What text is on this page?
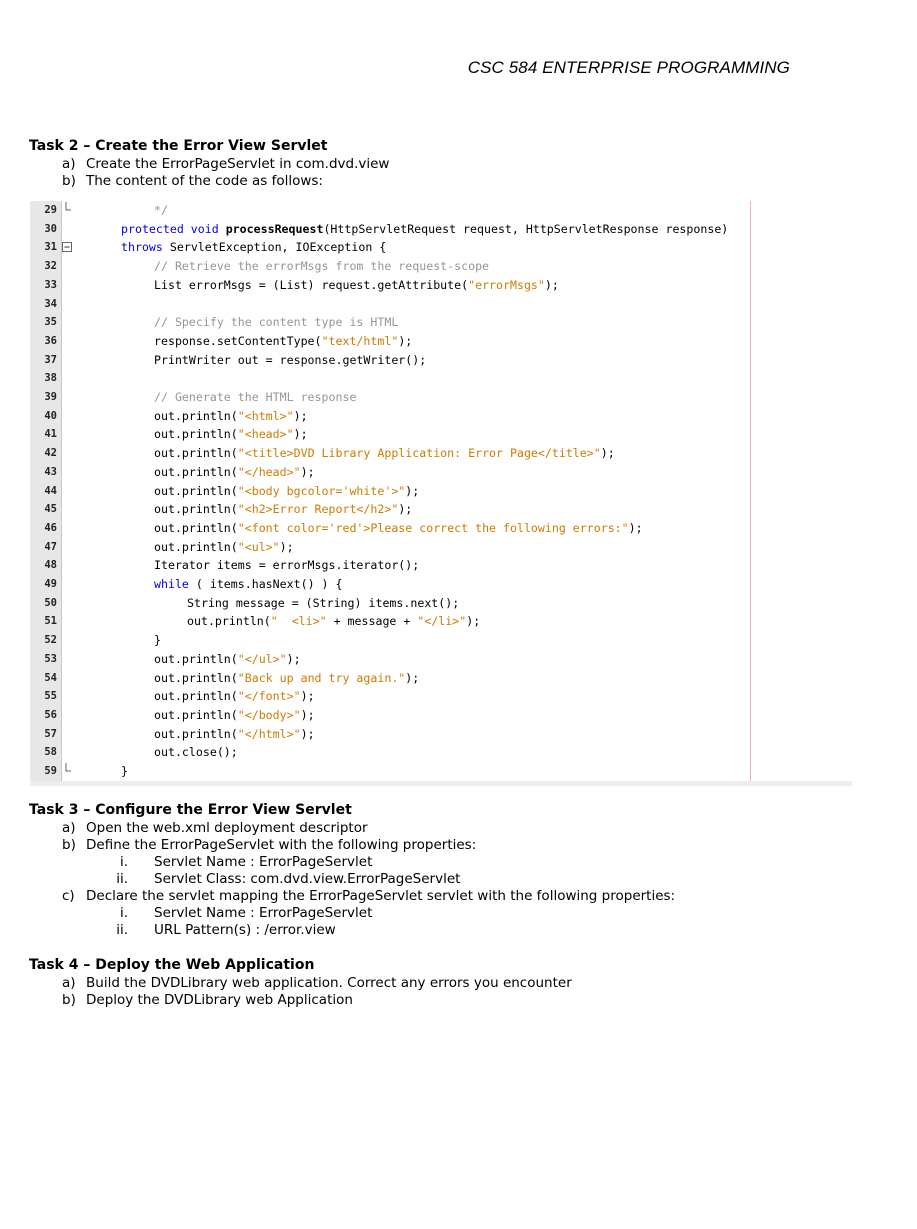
CSC 584 ENTERPRISE PROGRAMMING
Task 2 – Create the Error View Servlet
a) Create the ErrorPageServlet in com.dvd.view
b) The content of the code as follows:
29	*/
30	protected void processRequest(HttpServletRequest request, HttpServletResponse response)
31	throws ServletException, IOException {
32	// Retrieve the errorMsgs from the request-scope
33	List errorMsgs = (List) request.getAttribute("errorMsgs");
34
35	// Specify the content type is HTML
36	response.setContentType("text/html");
37	PrintWriter out = response.getWriter();
38
39	// Generate the HTML response
40	out.println("<html>");
41	out.println("<head>");
42	out.println("<title>DVD Library Application: Error Page</title>");
43	out.println("</head>");
44	out.println("<body bgcolor='white'>");
45	out.println("<h2>Error Report</h2>");
46	out.println("<font color='red'>Please correct the following errors:");
47	out.println("<ul>");
48	Iterator items = errorMsgs.iterator();
49	while ( items.hasNext() ) {
50	String message = (String) items.next();
51	out.println("  <li>" + message + "</li>");
52	}
53	out.println("</ul>");
54	out.println("Back up and try again.");
55	out.println("</font>");
56	out.println("</body>");
57	out.println("</html>");
58	out.close();
59	}
Task 3 – Configure the Error View Servlet
a) Open the web.xml deployment descriptor
b) Define the ErrorPageServlet with the following properties:
i. Servlet Name : ErrorPageServlet
ii. Servlet Class: com.dvd.view.ErrorPageServlet
c) Declare the servlet mapping the ErrorPageServlet servlet with the following properties:
i. Servlet Name : ErrorPageServlet
ii. URL Pattern(s) : /error.view
Task 4 – Deploy the Web Application
a) Build the DVDLibrary web application. Correct any errors you encounter
b) Deploy the DVDLibrary web Application
